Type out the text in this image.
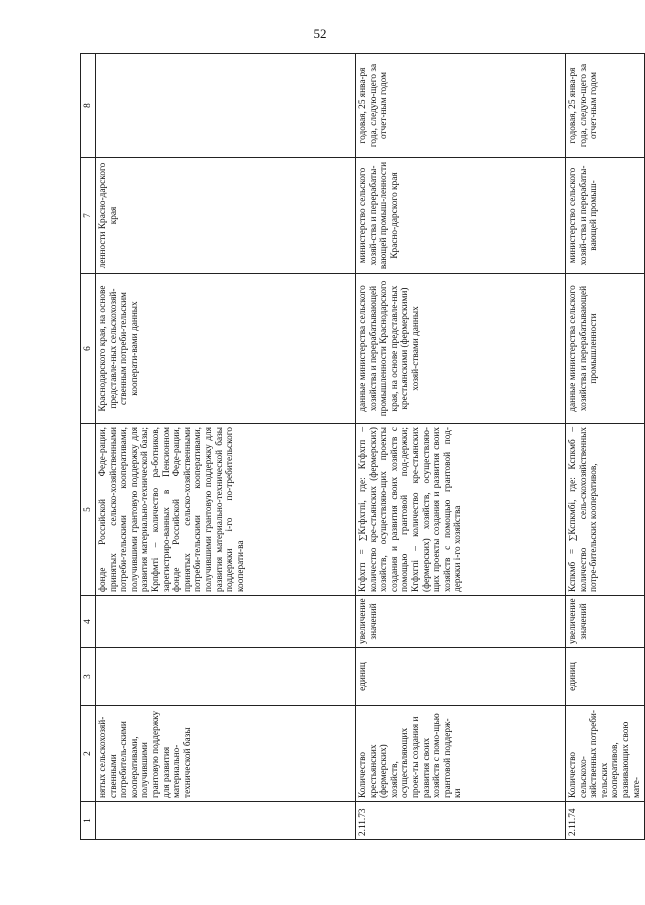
52
1	2	3	4	5	6	7	8
	нятых сельскохозяй-ственными потребитель-скими кооперативами, получившими грантовую поддержку для развития материально-технической базы			фонде Российской Феде-рации, принятых сельско-хозяйственными потреби-тельскими кооперативами, получившими грантовую поддержку для развития материально-технической базы; Крпфмтi – количество ра-ботников, зарегистриро-ванных в Пенсионном фонде Российской Феде-рации, принятых сельско-хозяйственными потреби-тельскими кооперативами, получившими грантовую поддержку для развития материально-технической базы поддержки i-го по-требительского кооперати-ва	Краснодарского края, на основе представле-ных сельскохозяй-ственным потреби-тельским кооперати-вами данных	ленности Красно-дарского края	
2.11.73	Количество крестьянских (фермерских) хозяйств, осуществляющих проек-ты создания и развития своих хозяйств с помо-щью грантовой поддерж-ки	единиц	увеличение значений	Кгфхгп = ∑Кгфхгпi, где: Кгфхгп – количество кре-стьянских (фермерских) хозяйств, осуществляю-щих проекты создания и развития своих хозяйств с помощью грантовой под-держки; Кгфхгпi – количество кре-стьянских (фермерских) хозяйств, осуществляю-щих проекты создания и развития своих хозяйств с помощью грантовой под-держки i-го хозяйства	данные министерства сельского хозяйства и перерабатывающей промышленности Краснодарского края, на основе представле-ных крестьянскими (фермерскими) хозяй-ствами данных	министерство сельского хозяй-ства и перерабаты-вающей промыш-ленности Красно-дарского края	годовая, 25 янва-ря года, следую-щего за отчет-ным годом
2.11.74	Количество сельскохо-зяйственных потреби-тельских кооперативов, развивающих свою мате-	единиц	увеличение значений	Кспкмб = ∑Кспкмбi, где: Кспкмб – количество сель-скохозяйственных потре-бительских кооперативов,	данные министерства сельского хозяйства и перерабатывающей промышленности	министерство сельского хозяй-ства и перерабаты-вающей промыш-	годовая, 25 янва-ря года, следую-щего за отчет-ным годом
